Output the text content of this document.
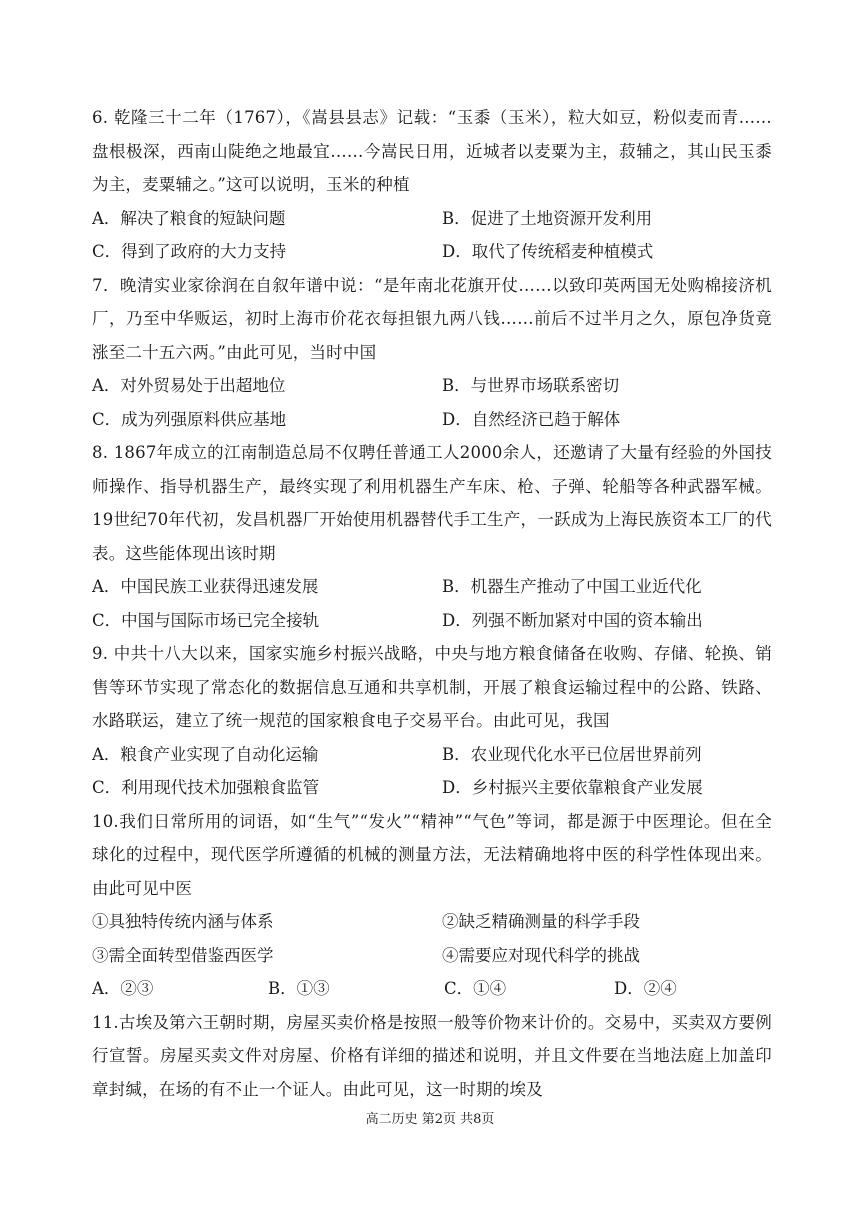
6. 乾隆三十二年（1767），《嵩县县志》记载：“玉黍（玉米），粒大如豆，粉似麦而青……盘根极深，西南山陡绝之地最宜……今嵩民日用，近城者以麦粟为主，菽辅之，其山民玉黍为主，麦粟辅之。”这可以说明，玉米的种植

A．解决了粮食的短缺问题	B．促进了土地资源开发利用
C．得到了政府的大力支持	D．取代了传统稻麦种植模式

7．晚清实业家徐润在自叙年谱中说：“是年南北花旗开仗……以致印英两国无处购棉接济机厂，乃至中华贩运，初时上海市价花衣每担银九两八钱……前后不过半月之久，原包净货竟涨至二十五六两。”由此可见，当时中国

A．对外贸易处于出超地位	B．与世界市场联系密切
C．成为列强原料供应基地	D．自然经济已趋于解体

8. 1867年成立的江南制造总局不仅聘任普通工人2000余人，还邀请了大量有经验的外国技师操作、指导机器生产，最终实现了利用机器生产车床、枪、子弹、轮船等各种武器军械。19世纪70年代初，发昌机器厂开始使用机器替代手工生产，一跃成为上海民族资本工厂的代表。这些能体现出该时期

A．中国民族工业获得迅速发展	B．机器生产推动了中国工业近代化
C．中国与国际市场已完全接轨	D．列强不断加紧对中国的资本输出

9. 中共十八大以来，国家实施乡村振兴战略，中央与地方粮食储备在收购、存储、轮换、销售等环节实现了常态化的数据信息互通和共享机制，开展了粮食运输过程中的公路、铁路、水路联运，建立了统一规范的国家粮食电子交易平台。由此可见，我国

A．粮食产业实现了自动化运输	B．农业现代化水平已位居世界前列
C．利用现代技术加强粮食监管	D．乡村振兴主要依靠粮食产业发展

10.我们日常所用的词语，如“生气”“发火”“精神”“气色”等词，都是源于中医理论。但在全球化的过程中，现代医学所遵循的机械的测量方法，无法精确地将中医的科学性体现出来。由此可见中医

①具独特传统内涵与体系	②缺乏精确测量的科学手段
③需全面转型借鉴西医学	④需要应对现代科学的挑战
A．②③	B．①③	C．①④	D．②④

11.古埃及第六王朝时期，房屋买卖价格是按照一般等价物来计价的。交易中，买卖双方要例行宣誓。房屋买卖文件对房屋、价格有详细的描述和说明，并且文件要在当地法庭上加盖印章封缄，在场的有不止一个证人。由此可见，这一时期的埃及

高二历史 第2页 共8页
